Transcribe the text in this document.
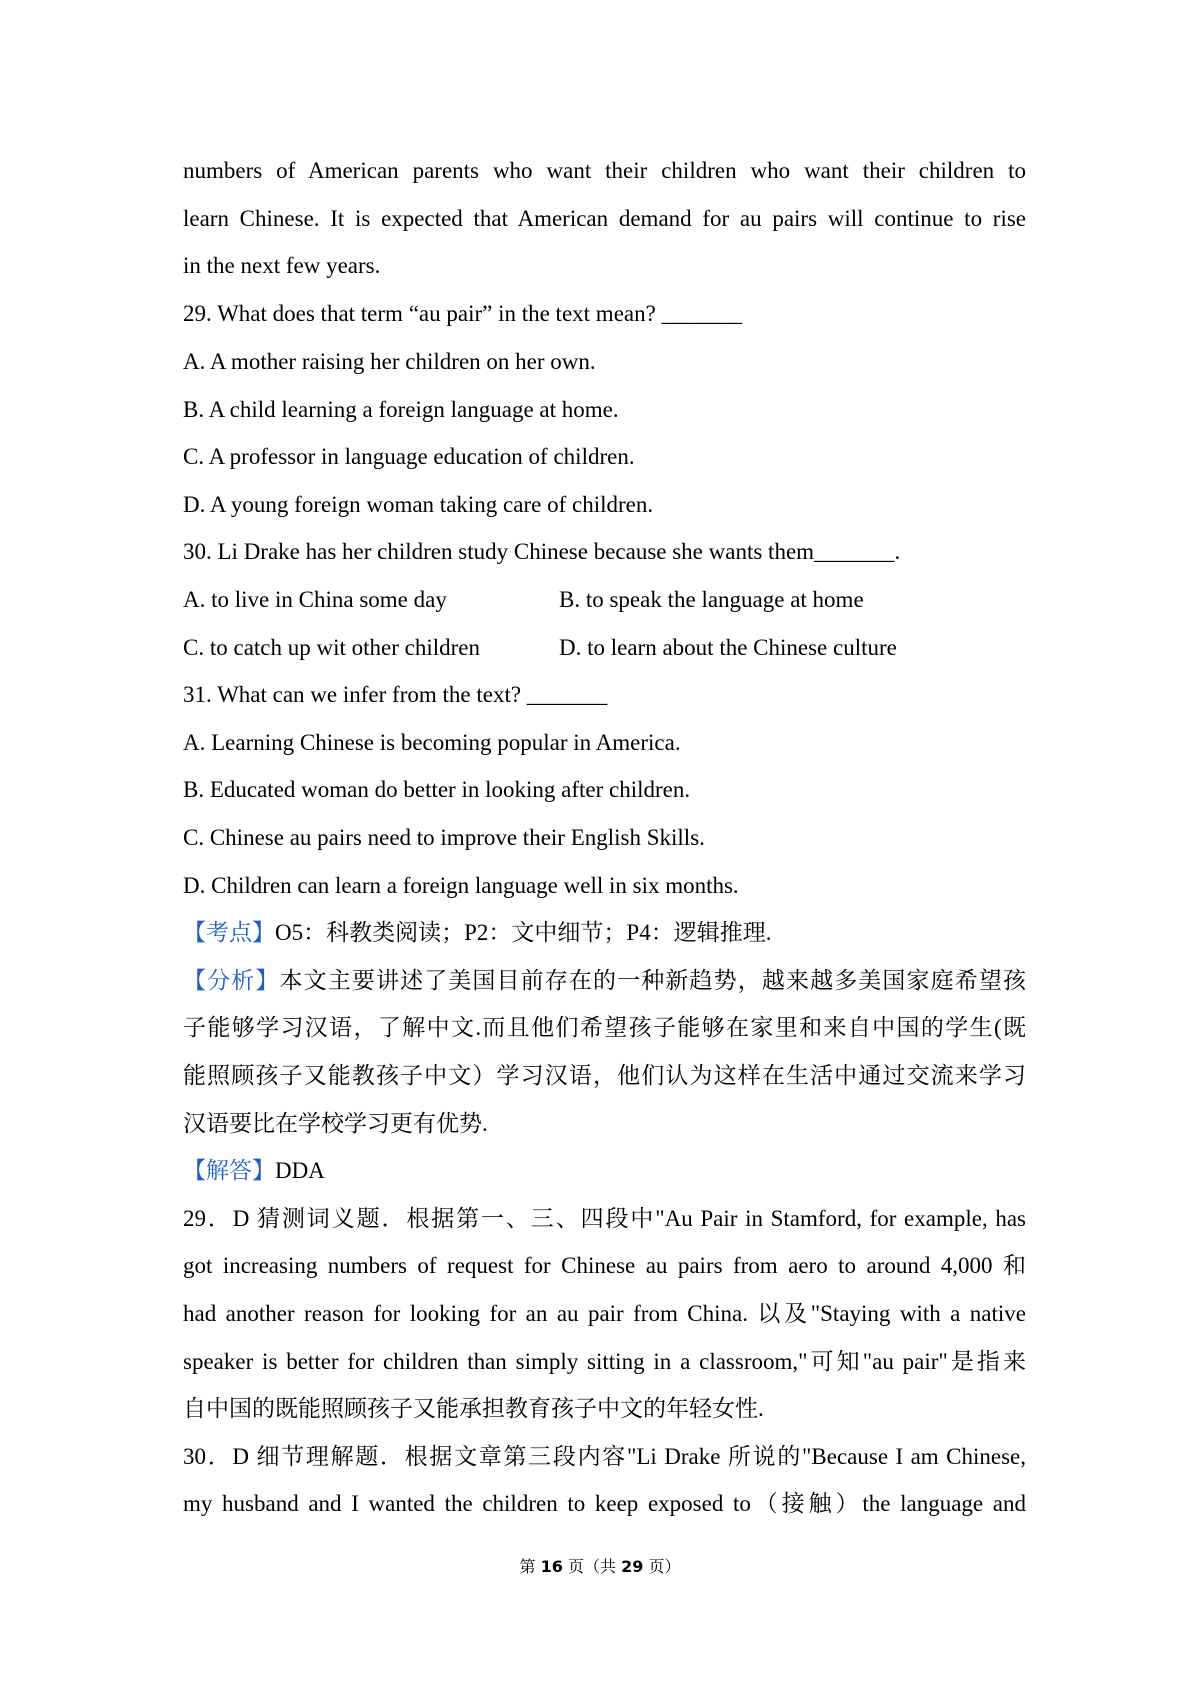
numbers of American parents who want their children who want their children to
learn Chinese. It is expected that American demand for au pairs will continue to rise
in the next few years.
29. What does that term “au pair” in the text mean? _______
A. A mother raising her children on her own.
B. A child learning a foreign language at home.
C. A professor in language education of children.
D. A young foreign woman taking care of children.
30. Li Drake has her children study Chinese because she wants them_______.
A. to live in China some day	B. to speak the language at home
C. to catch up wit other children	D. to learn about the Chinese culture
31. What can we infer from the text? _______
A. Learning Chinese is becoming popular in America.
B. Educated woman do better in looking after children.
C. Chinese au pairs need to improve their English Skills.
D. Children can learn a foreign language well in six months.
【考点】O5：科教类阅读；P2：文中细节；P4：逻辑推理.
【分析】本文主要讲述了美国目前存在的一种新趋势，越来越多美国家庭希望孩
子能够学习汉语，了解中文.而且他们希望孩子能够在家里和来自中国的学生(既
能照顾孩子又能教孩子中文）学习汉语，他们认为这样在生活中通过交流来学习
汉语要比在学校学习更有优势.
【解答】DDA
29．D 猜测词义题．根据第一、三、四段中"Au Pair in Stamford, for example, has
got increasing numbers of request for Chinese au pairs from aero to around 4,000 和
had another reason for looking for an au pair from China. 以及"Staying with a native
speaker is better for children than simply sitting in a classroom,"可知"au pair"是指来
自中国的既能照顾孩子又能承担教育孩子中文的年轻女性.
30．D 细节理解题．根据文章第三段内容"Li Drake 所说的"Because I am Chinese,
my husband and I wanted the children to keep exposed to（接触）the language and
第 16 页（共 29 页）
